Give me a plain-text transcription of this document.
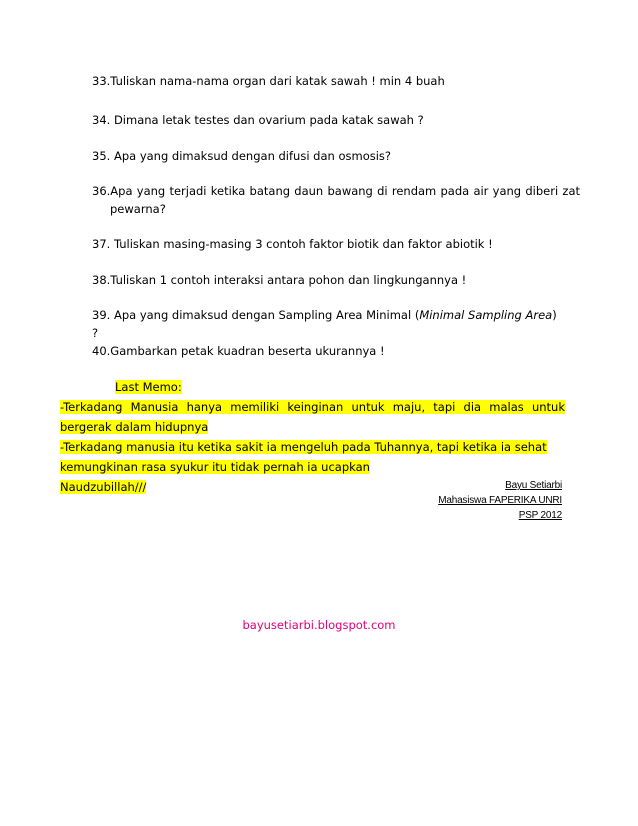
33.Tuliskan nama-nama organ dari katak sawah ! min 4 buah

34. Dimana letak testes dan ovarium pada katak sawah ?

35. Apa yang dimaksud dengan difusi dan osmosis?

36.Apa yang terjadi ketika batang daun bawang di rendam pada air yang diberi zat pewarna?

37. Tuliskan masing-masing 3 contoh faktor biotik dan faktor abiotik !

38.Tuliskan 1 contoh interaksi antara pohon dan lingkungannya !

39. Apa yang dimaksud dengan Sampling Area Minimal (Minimal Sampling Area) ?

40.Gambarkan petak kuadran beserta ukurannya !

Last Memo:
-Terkadang Manusia hanya memiliki keinginan untuk maju, tapi dia malas untuk
bergerak dalam hidupnya
-Terkadang manusia itu ketika sakit ia mengeluh pada Tuhannya, tapi ketika ia sehat
kemungkinan rasa syukur itu tidak pernah ia ucapkan
Naudzubillah///	Bayu Setiarbi
Mahasiswa FAPERIKA UNRI
PSP 2012
bayusetiarbi.blogspot.com
